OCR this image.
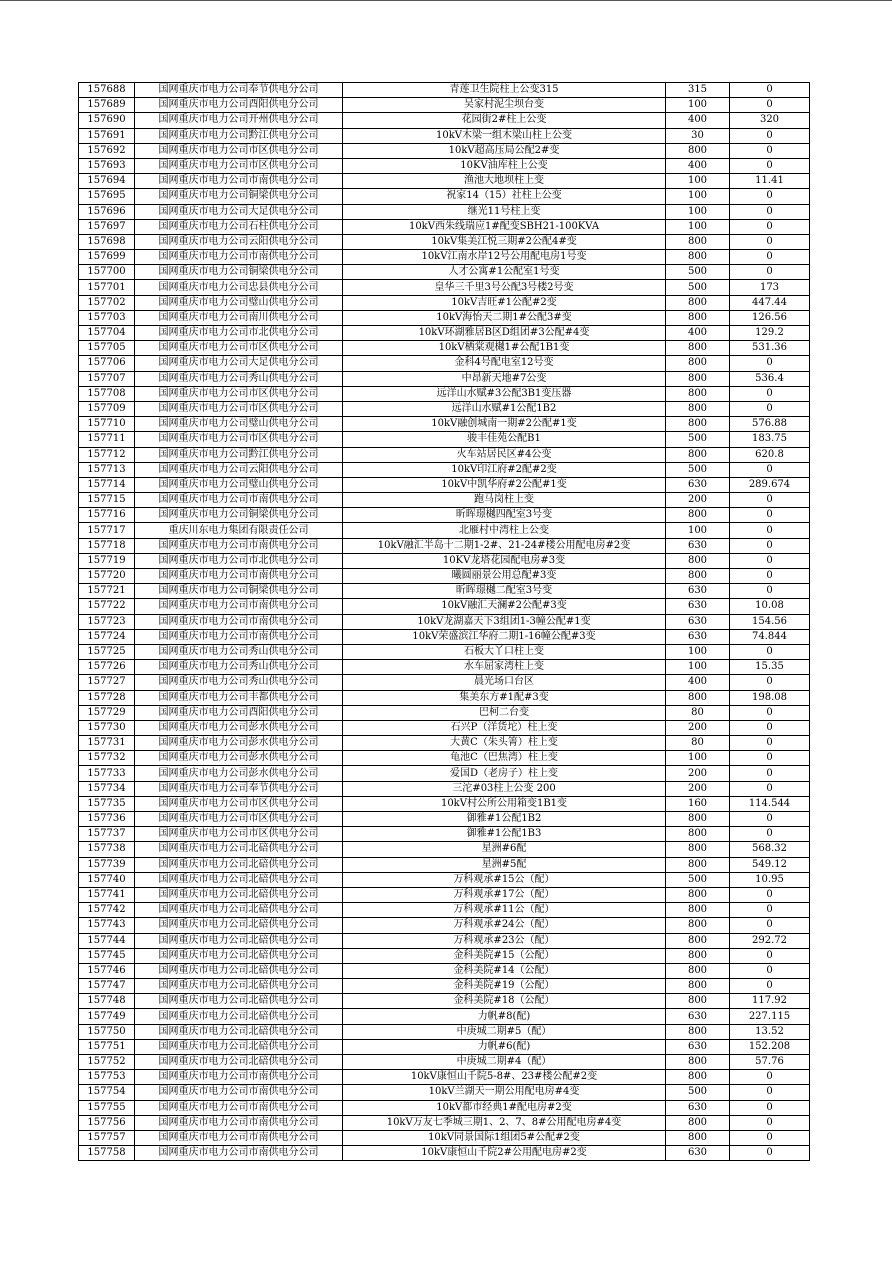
157688	国网重庆市电力公司奉节供电分公司	青莲卫生院柱上公变315	315	0
157689	国网重庆市电力公司酉阳供电分公司	吴家村泥尘坝台变	100	0
157690	国网重庆市电力公司开州供电分公司	花园街2#柱上公变	400	320
157691	国网重庆市电力公司黔江供电分公司	10kV木梁一组木梁山柱上公变	30	0
157692	国网重庆市电力公司市区供电分公司	10kV超高压局公配2#变	800	0
157693	国网重庆市电力公司市区供电分公司	10KV油库柱上公变	400	0
157694	国网重庆市电力公司市南供电分公司	渔池大地坝柱上变	100	11.41
157695	国网重庆市电力公司铜梁供电分公司	祝家14（15）社柱上公变	100	0
157696	国网重庆市电力公司大足供电分公司	继光11号柱上变	100	0
157697	国网重庆市电力公司石柱供电分公司	10kV西朱线瑞应1#配变SBH21-100KVA	100	0
157698	国网重庆市电力公司云阳供电分公司	10kV集美江悦三期#2公配4#变	800	0
157699	国网重庆市电力公司市南供电分公司	10kV江南水岸12号公用配电房1号变	800	0
157700	国网重庆市电力公司铜梁供电分公司	人才公寓#1公配室1号变	500	0
157701	国网重庆市电力公司忠县供电分公司	皇华三千里3号公配3号楼2号变	500	173
157702	国网重庆市电力公司璧山供电分公司	10kV吉旺#1公配#2变	800	447.44
157703	国网重庆市电力公司南川供电分公司	10kV海怡天二期1#公配3#变	800	126.56
157704	国网重庆市电力公司市北供电分公司	10kV环湖雅居B区D组团#3公配#4变	400	129.2
157705	国网重庆市电力公司市区供电分公司	10kV栖棠观樾1#公配1B1变	800	531.36
157706	国网重庆市电力公司大足供电分公司	金科4号配电室12号变	800	0
157707	国网重庆市电力公司秀山供电分公司	中昂新天地#7公变	800	536.4
157708	国网重庆市电力公司市区供电分公司	远洋山水赋#3公配3B1变压器	800	0
157709	国网重庆市电力公司市区供电分公司	远洋山水赋#1公配1B2	800	0
157710	国网重庆市电力公司璧山供电分公司	10kV融创城南一期#2公配#1变	800	576.88
157711	国网重庆市电力公司市区供电分公司	骏丰佳苑公配B1	500	183.75
157712	国网重庆市电力公司黔江供电分公司	火车站居民区#4公变	800	620.8
157713	国网重庆市电力公司云阳供电分公司	10kV印江府#2配#2变	500	0
157714	国网重庆市电力公司璧山供电分公司	10kV中凯华府#2公配#1变	630	289.674
157715	国网重庆市电力公司市南供电分公司	跑马岗柱上变	200	0
157716	国网重庆市电力公司铜梁供电分公司	昕晖璟樾四配室3号变	800	0
157717	重庆川东电力集团有限责任公司	北雁村中湾柱上公变	100	0
157718	国网重庆市电力公司市南供电分公司	10kV融汇半岛十二期1-2#、21-24#楼公用配电房#2变	630	0
157719	国网重庆市电力公司市北供电分公司	10KV龙塔花园配电房#3变	800	0
157720	国网重庆市电力公司市南供电分公司	曦圆丽景公用总配#3变	800	0
157721	国网重庆市电力公司铜梁供电分公司	昕晖璟樾二配室3号变	630	0
157722	国网重庆市电力公司市南供电分公司	10kV融汇天澜#2公配#3变	630	10.08
157723	国网重庆市电力公司市南供电分公司	10kV龙湖嘉天下3组团1-3幢公配#1变	630	154.56
157724	国网重庆市电力公司市南供电分公司	10kV荣盛滨江华府二期1-16幢公配#3变	630	74.844
157725	国网重庆市电力公司秀山供电分公司	石板大丫口柱上变	100	0
157726	国网重庆市电力公司秀山供电分公司	水车屈家湾柱上变	100	15.35
157727	国网重庆市电力公司秀山供电分公司	晨光场口台区	400	0
157728	国网重庆市电力公司丰都供电分公司	集美东方#1配#3变	800	198.08
157729	国网重庆市电力公司酉阳供电分公司	巴柯二台变	80	0
157730	国网重庆市电力公司彭水供电分公司	石兴P（洋货坨）柱上变	200	0
157731	国网重庆市电力公司彭水供电分公司	大黄C（朱头箐）柱上变	80	0
157732	国网重庆市电力公司彭水供电分公司	龟池C（巴焦湾）柱上变	100	0
157733	国网重庆市电力公司彭水供电分公司	爱国D（老房子）柱上变	200	0
157734	国网重庆市电力公司奉节供电分公司	三沱#03柱上公变 200	200	0
157735	国网重庆市电力公司市区供电分公司	10kV村公所公用箱变1B1变	160	114.544
157736	国网重庆市电力公司市区供电分公司	御雅#1公配1B2	800	0
157737	国网重庆市电力公司市区供电分公司	御雅#1公配1B3	800	0
157738	国网重庆市电力公司北碚供电分公司	星洲#6配	800	568.32
157739	国网重庆市电力公司北碚供电分公司	星洲#5配	800	549.12
157740	国网重庆市电力公司北碚供电分公司	万科观承#15公（配）	500	10.95
157741	国网重庆市电力公司北碚供电分公司	万科观承#17公（配）	800	0
157742	国网重庆市电力公司北碚供电分公司	万科观承#11公（配）	800	0
157743	国网重庆市电力公司北碚供电分公司	万科观承#24公（配）	800	0
157744	国网重庆市电力公司北碚供电分公司	万科观承#23公（配）	800	292.72
157745	国网重庆市电力公司北碚供电分公司	金科美院#15（公配）	800	0
157746	国网重庆市电力公司北碚供电分公司	金科美院#14（公配）	800	0
157747	国网重庆市电力公司北碚供电分公司	金科美院#19（公配）	800	0
157748	国网重庆市电力公司北碚供电分公司	金科美院#18（公配）	800	117.92
157749	国网重庆市电力公司北碚供电分公司	力帆#8(配)	630	227.115
157750	国网重庆市电力公司北碚供电分公司	中庚城二期#5（配）	800	13.52
157751	国网重庆市电力公司北碚供电分公司	力帆#6(配)	630	152.208
157752	国网重庆市电力公司北碚供电分公司	中庚城二期#4（配）	800	57.76
157753	国网重庆市电力公司市南供电分公司	10kV康恒山千院5-8#、23#楼公配#2变	800	0
157754	国网重庆市电力公司市南供电分公司	10kV兰湖天一期公用配电房#4变	500	0
157755	国网重庆市电力公司市南供电分公司	10kV都市经典1#配电房#2变	630	0
157756	国网重庆市电力公司市南供电分公司	10kV万友七季城三期1、2、7、8#公用配电房#4变	800	0
157757	国网重庆市电力公司市南供电分公司	10kV同景国际1组团5#公配#2变	800	0
157758	国网重庆市电力公司市南供电分公司	10kV康恒山千院2#公用配电房#2变	630	0
